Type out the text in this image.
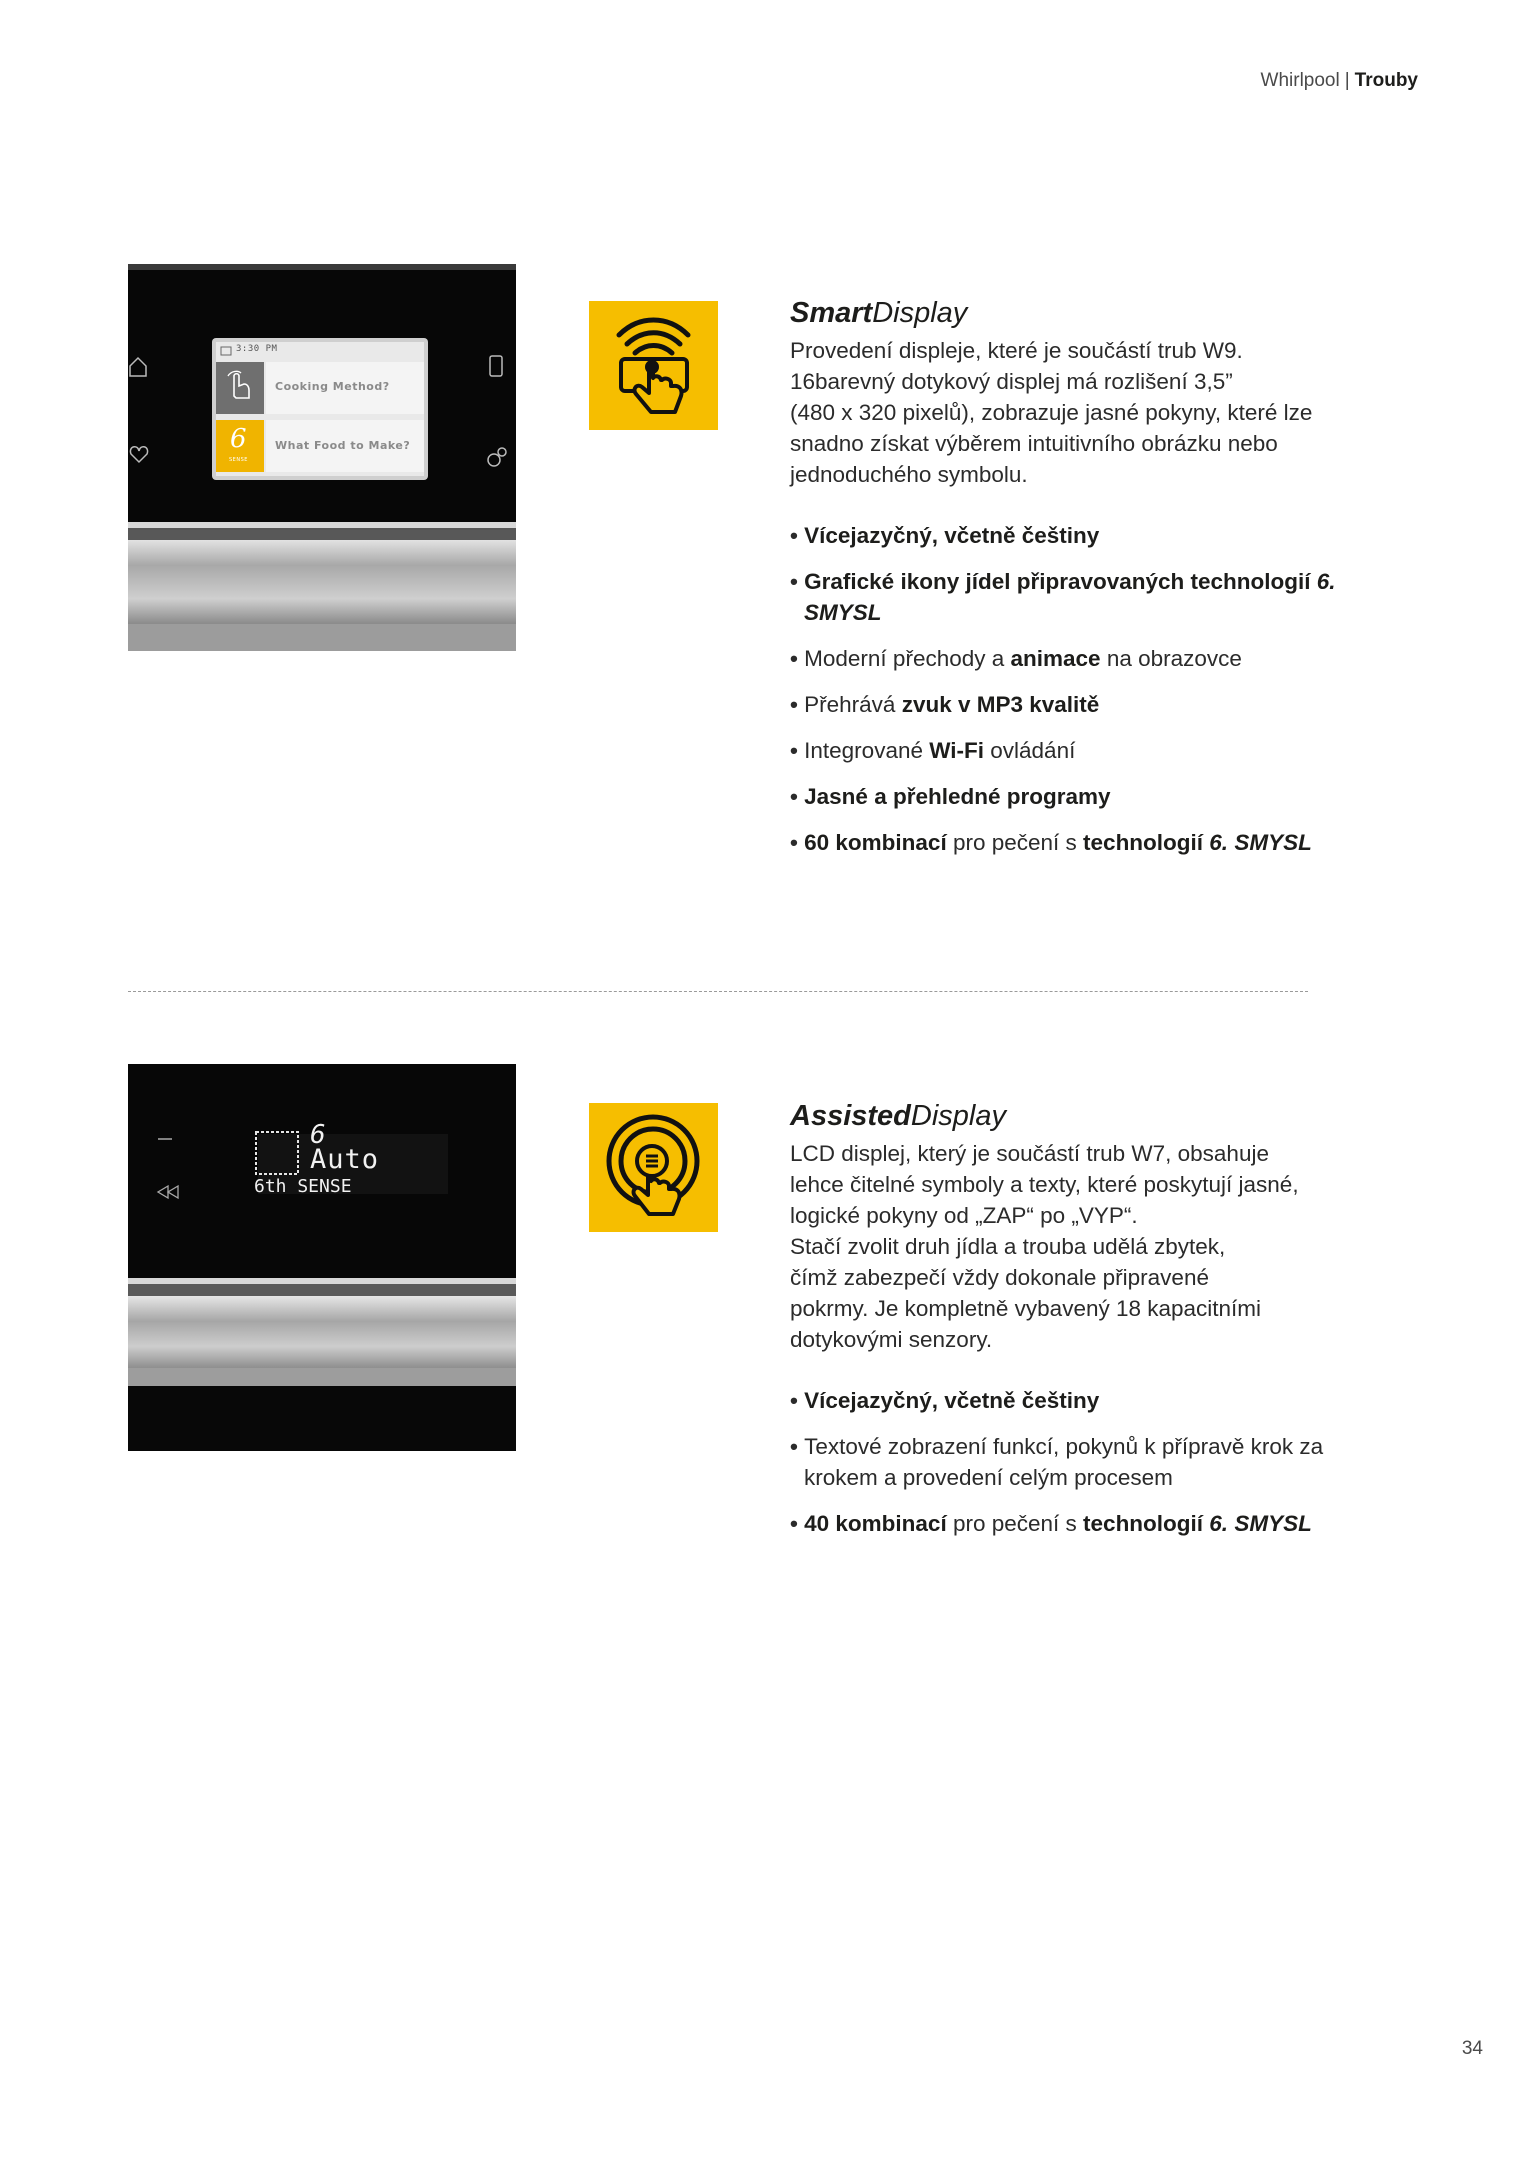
Whirlpool | Trouby
3:30 PM
Cooking Method?
What Food to Make?
6
SENSE
SmartDisplay

Provedení displeje, které je součástí trub W9.

16barevný dotykový displej má rozlišení 3,5”

(480 x 320 pixelů), zobrazuje jasné pokyny, které lze

snadno získat výběrem intuitivního obrázku nebo

jednoduchého symbolu.

• Vícejazyčný, včetně češtiny
• Grafické ikony jídel připravovaných technologií 6. SMYSL
• Moderní přechody a animace na obrazovce
• Přehrává zvuk v MP3 kvalitě
• Integrované Wi-Fi ovládání
• Jasné a přehledné programy
• 60 kombinací pro pečení s technologií 6. SMYSL
6
Auto
6th SENSE
AssistedDisplay

LCD displej, který je součástí trub W7, obsahuje

lehce čitelné symboly a texty, které poskytují jasné,

logické pokyny od „ZAP“ po „VYP“.

Stačí zvolit druh jídla a trouba udělá zbytek,

čímž zabezpečí vždy dokonale připravené

pokrmy. Je kompletně vybavený 18 kapacitními

dotykovými senzory.

• Vícejazyčný, včetně češtiny
• Textové zobrazení funkcí, pokynů k přípravě krok za krokem a provedení celým procesem
• 40 kombinací pro pečení s technologií 6. SMYSL
34
